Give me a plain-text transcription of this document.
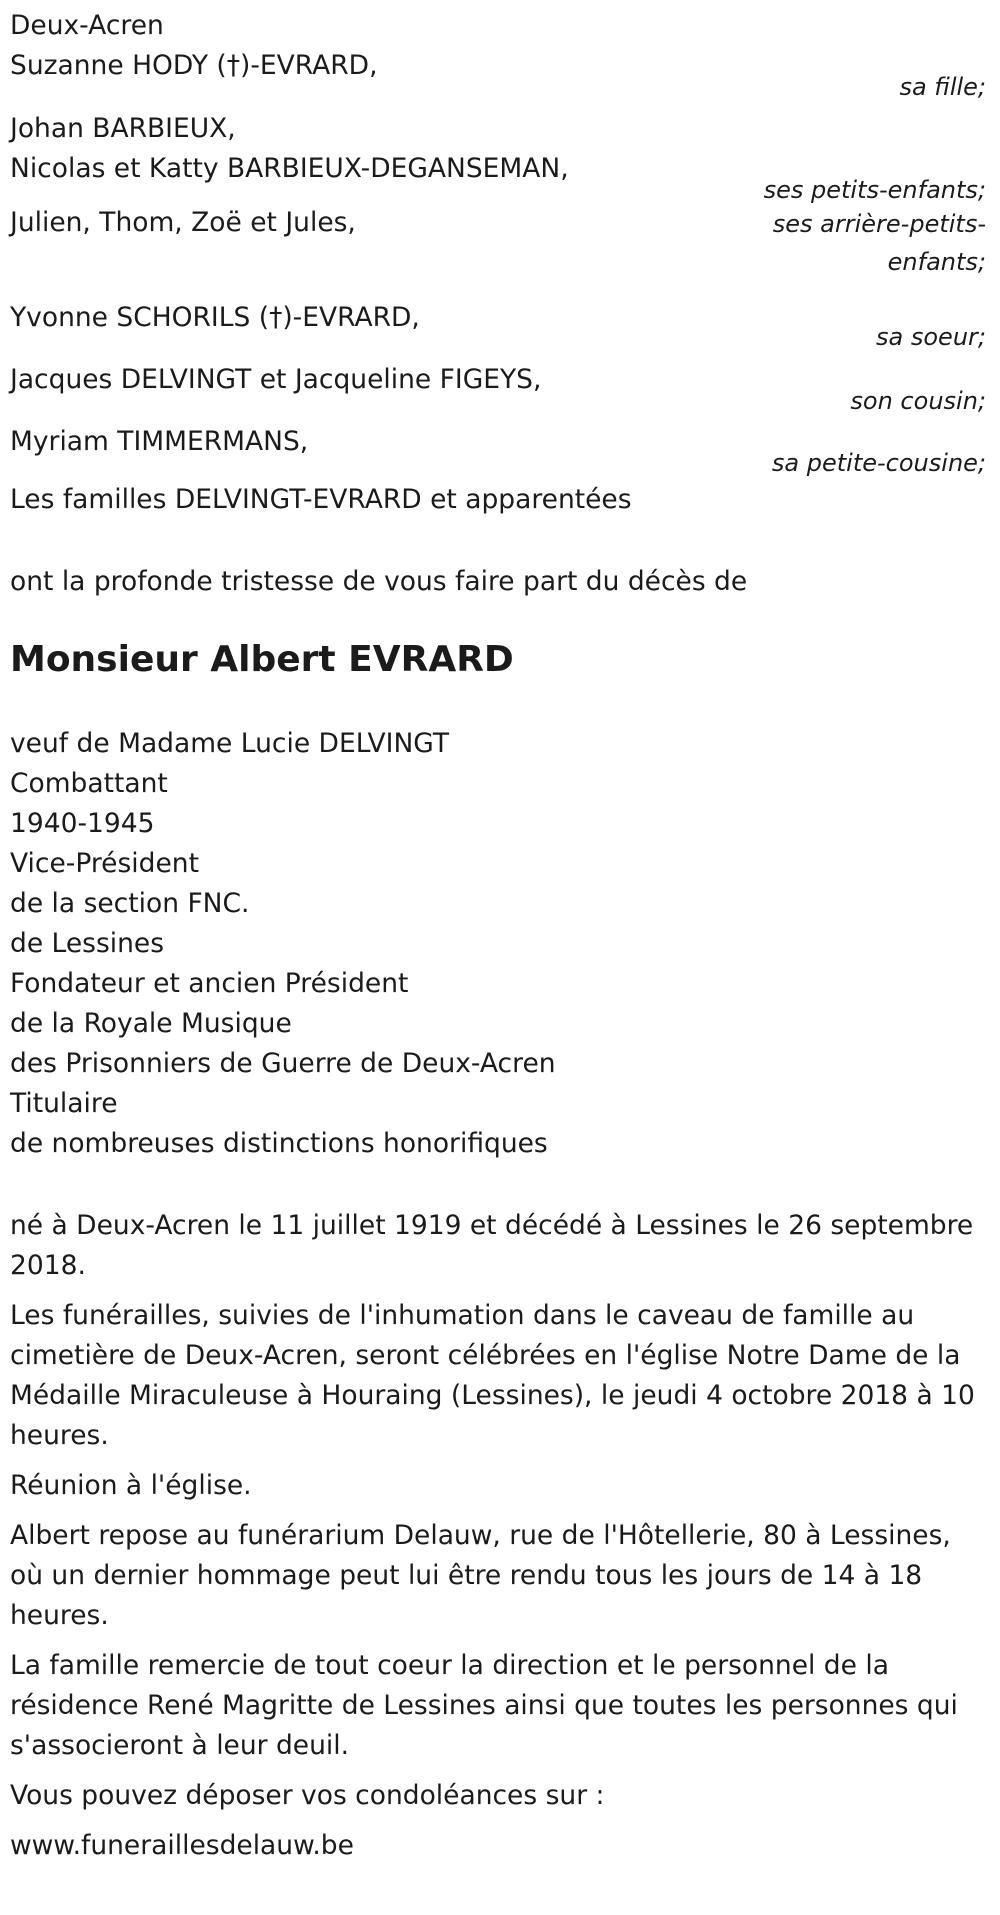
Deux-Acren
Suzanne HODY (†)-EVRARD,
sa fille;
Johan BARBIEUX,
Nicolas et Katty BARBIEUX-DEGANSEMAN,
ses petits-enfants;
Julien, Thom, Zoë et Jules,	ses arrière-petits-enfants;
Yvonne SCHORILS (†)-EVRARD,
sa soeur;
Jacques DELVINGT et Jacqueline FIGEYS,
son cousin;
Myriam TIMMERMANS,
sa petite-cousine;
Les familles DELVINGT-EVRARD et apparentées
ont la profonde tristesse de vous faire part du décès de
Monsieur Albert EVRARD
veuf de Madame Lucie DELVINGT
Combattant
1940-1945
Vice-Président
de la section FNC.
de Lessines
Fondateur et ancien Président
de la Royale Musique
des Prisonniers de Guerre de Deux-Acren
Titulaire
de nombreuses distinctions honorifiques

né à Deux-Acren le 11 juillet 1919 et décédé à Lessines le 26 septembre 2018.

Les funérailles, suivies de l'inhumation dans le caveau de famille au cimetière de Deux-Acren, seront célébrées en l'église Notre Dame de la Médaille Miraculeuse à Houraing (Lessines), le jeudi 4 octobre 2018 à 10 heures.

Réunion à l'église.

Albert repose au funérarium Delauw, rue de l'Hôtellerie, 80 à Lessines, où un dernier hommage peut lui être rendu tous les jours de 14 à 18 heures.

La famille remercie de tout coeur la direction et le personnel de la résidence René Magritte de Lessines ainsi que toutes les personnes qui s'associeront à leur deuil.

Vous pouvez déposer vos condoléances sur :
www.funeraillesdelauw.be
